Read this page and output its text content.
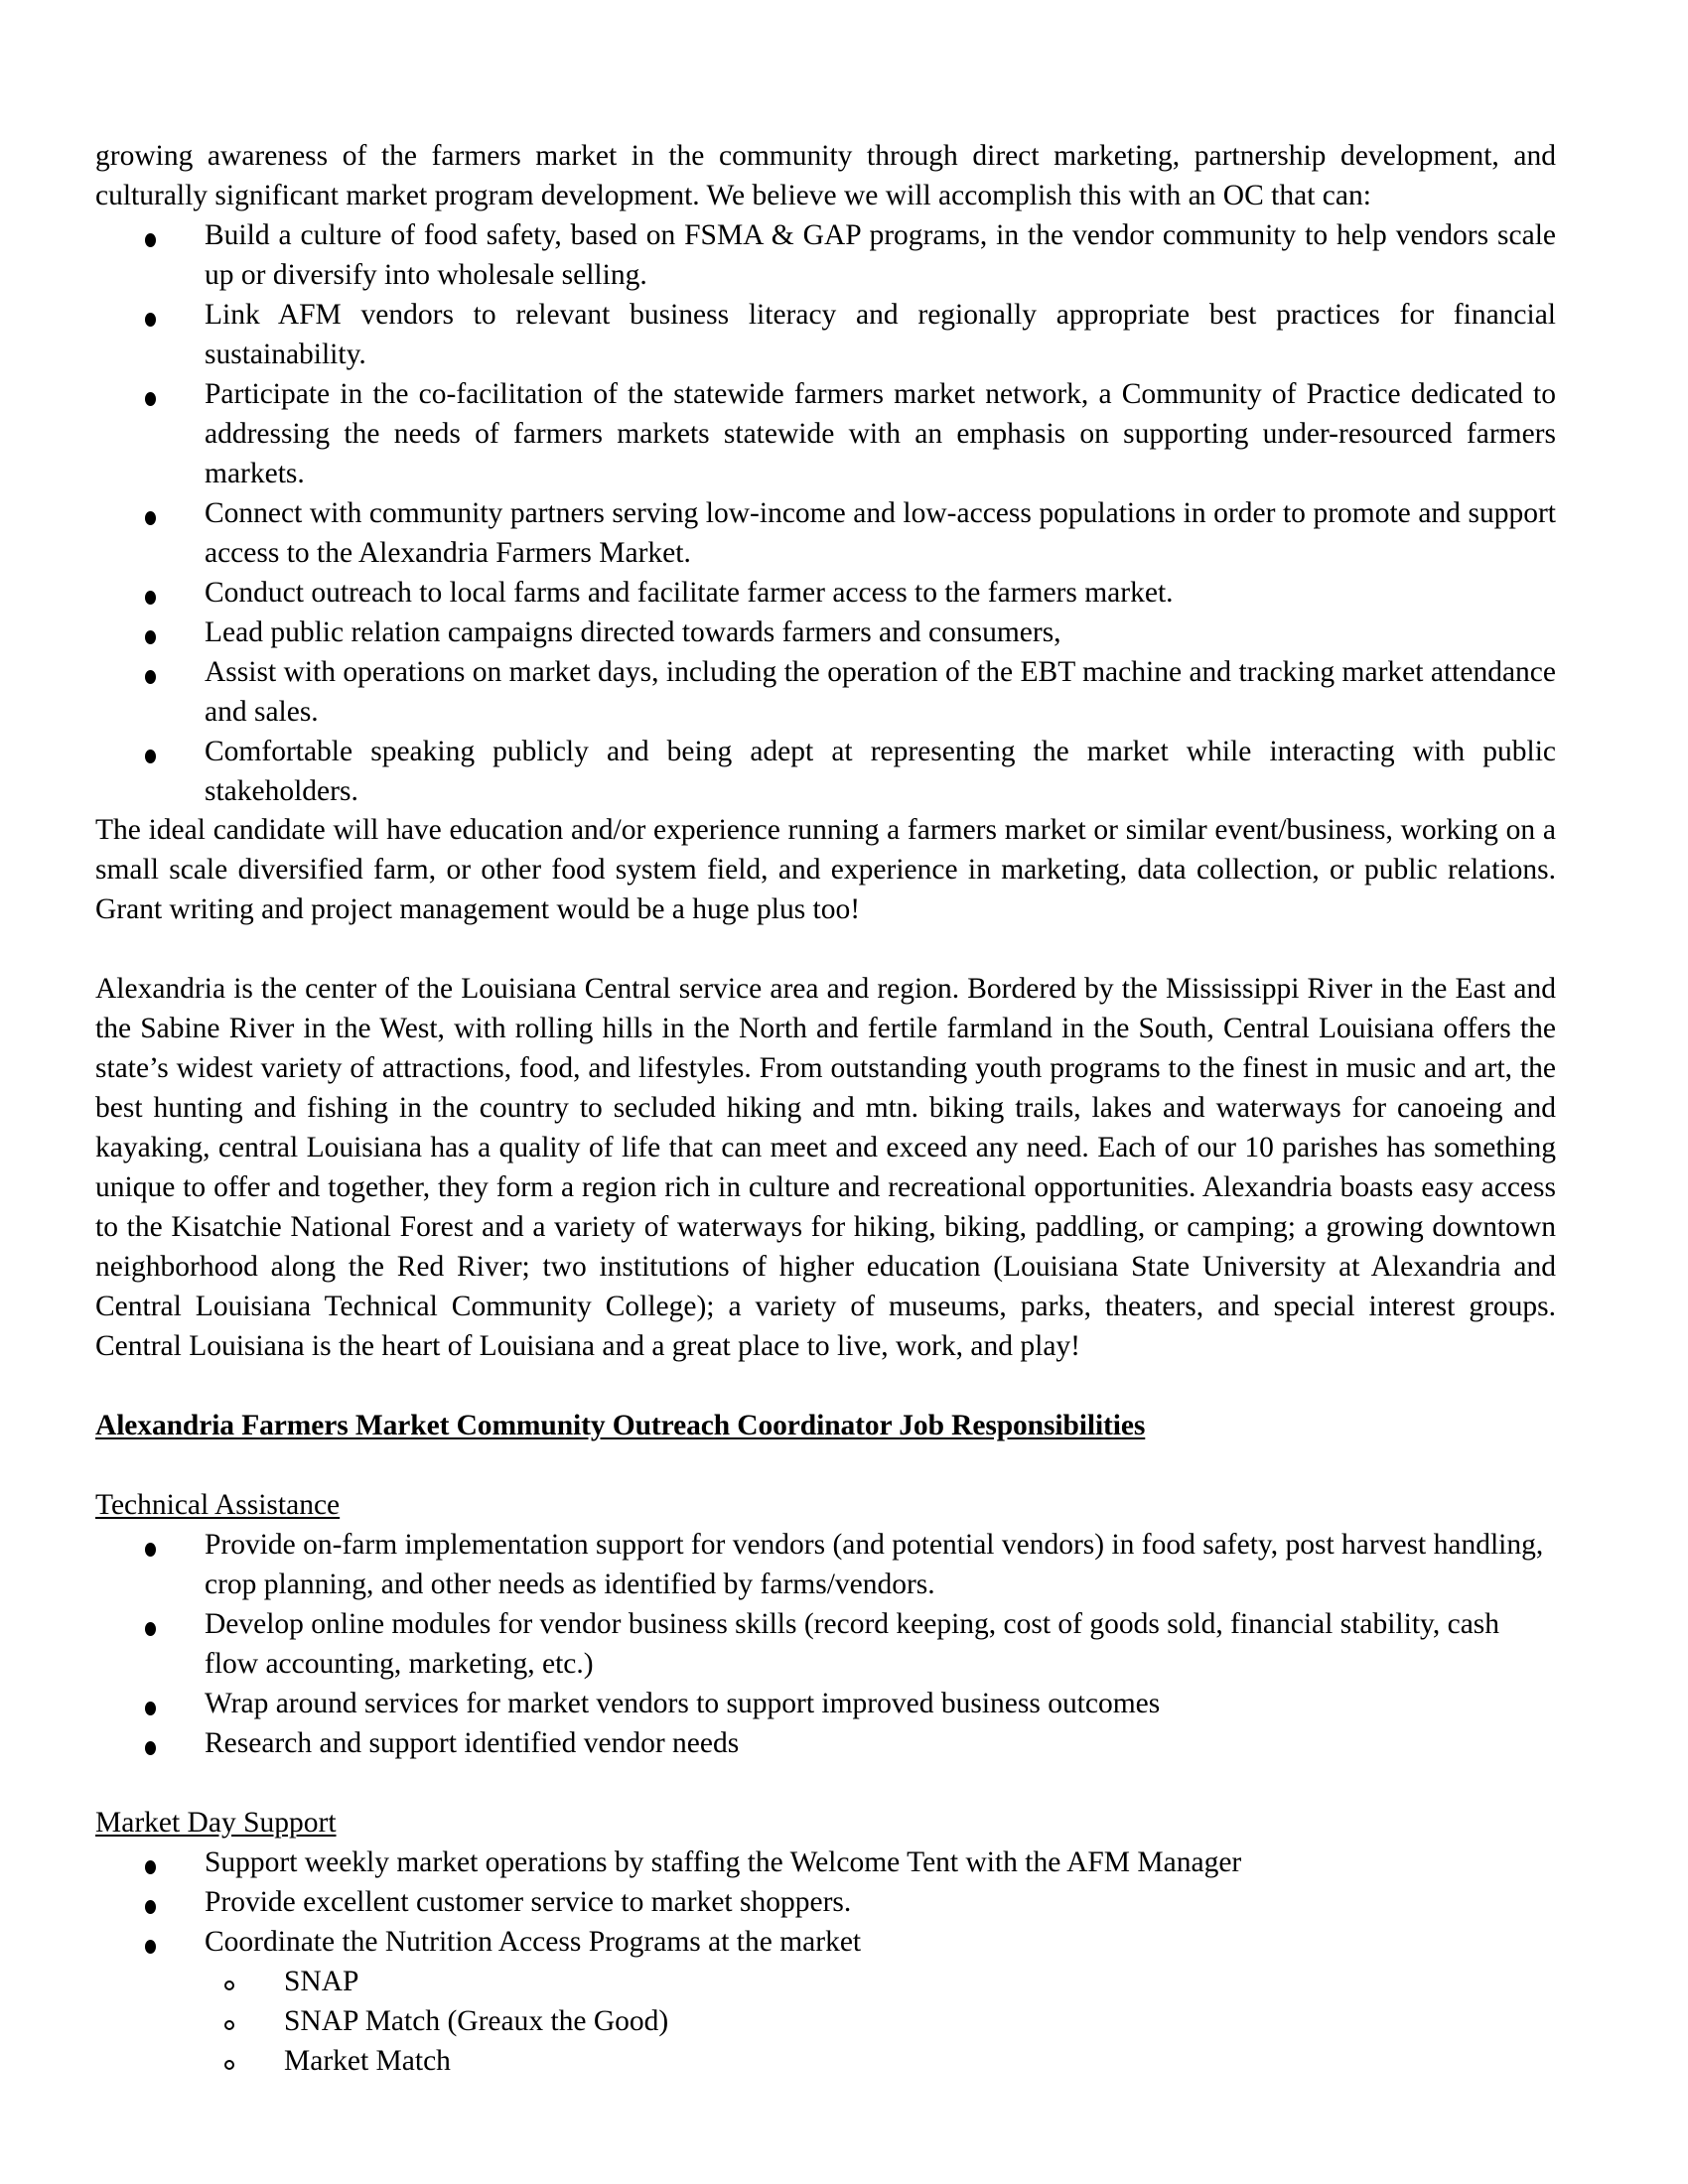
growing awareness of the farmers market in the community through direct marketing, partnership development, and culturally significant market program development. We believe we will accomplish this with an OC that can:

Build a culture of food safety, based on FSMA & GAP programs, in the vendor community to help vendors scale up or diversify into wholesale selling.
Link AFM vendors to relevant business literacy and regionally appropriate best practices for financial sustainability.
Participate in the co-facilitation of the statewide farmers market network, a Community of Practice dedicated to addressing the needs of farmers markets statewide with an emphasis on supporting under-resourced farmers markets.
Connect with community partners serving low-income and low-access populations in order to promote and support access to the Alexandria Farmers Market.
Conduct outreach to local farms and facilitate farmer access to the farmers market.
Lead public relation campaigns directed towards farmers and consumers,
Assist with operations on market days, including the operation of the EBT machine and tracking market attendance and sales.
Comfortable speaking publicly and being adept at representing the market while interacting with public stakeholders.

The ideal candidate will have education and/or experience running a farmers market or similar event/business, working on a small scale diversified farm, or other food system field, and experience in marketing, data collection, or public relations. Grant writing and project management would be a huge plus too!

Alexandria is the center of the Louisiana Central service area and region. Bordered by the Mississippi River in the East and the Sabine River in the West, with rolling hills in the North and fertile farmland in the South, Central Louisiana offers the state’s widest variety of attractions, food, and lifestyles. From outstanding youth programs to the finest in music and art, the best hunting and fishing in the country to secluded hiking and mtn. biking trails, lakes and waterways for canoeing and kayaking, central Louisiana has a quality of life that can meet and exceed any need. Each of our 10 parishes has something unique to offer and together, they form a region rich in culture and recreational opportunities. Alexandria boasts easy access to the Kisatchie National Forest and a variety of waterways for hiking, biking, paddling, or camping; a growing downtown neighborhood along the Red River; two institutions of higher education (Louisiana State University at Alexandria and Central Louisiana Technical Community College); a variety of museums, parks, theaters, and special interest groups. Central Louisiana is the heart of Louisiana and a great place to live, work, and play!

Alexandria Farmers Market Community Outreach Coordinator Job Responsibilities

Technical Assistance

Provide on-farm implementation support for vendors (and potential vendors) in food safety, post harvest handling, crop planning, and other needs as identified by farms/vendors.
Develop online modules for vendor business skills (record keeping, cost of goods sold, financial stability, cash flow accounting, marketing, etc.)
Wrap around services for market vendors to support improved business outcomes
Research and support identified vendor needs

Market Day Support

Support weekly market operations by staffing the Welcome Tent with the AFM Manager
Provide excellent customer service to market shoppers.
Coordinate the Nutrition Access Programs at the market
SNAP
SNAP Match (Greaux the Good)
Market Match
